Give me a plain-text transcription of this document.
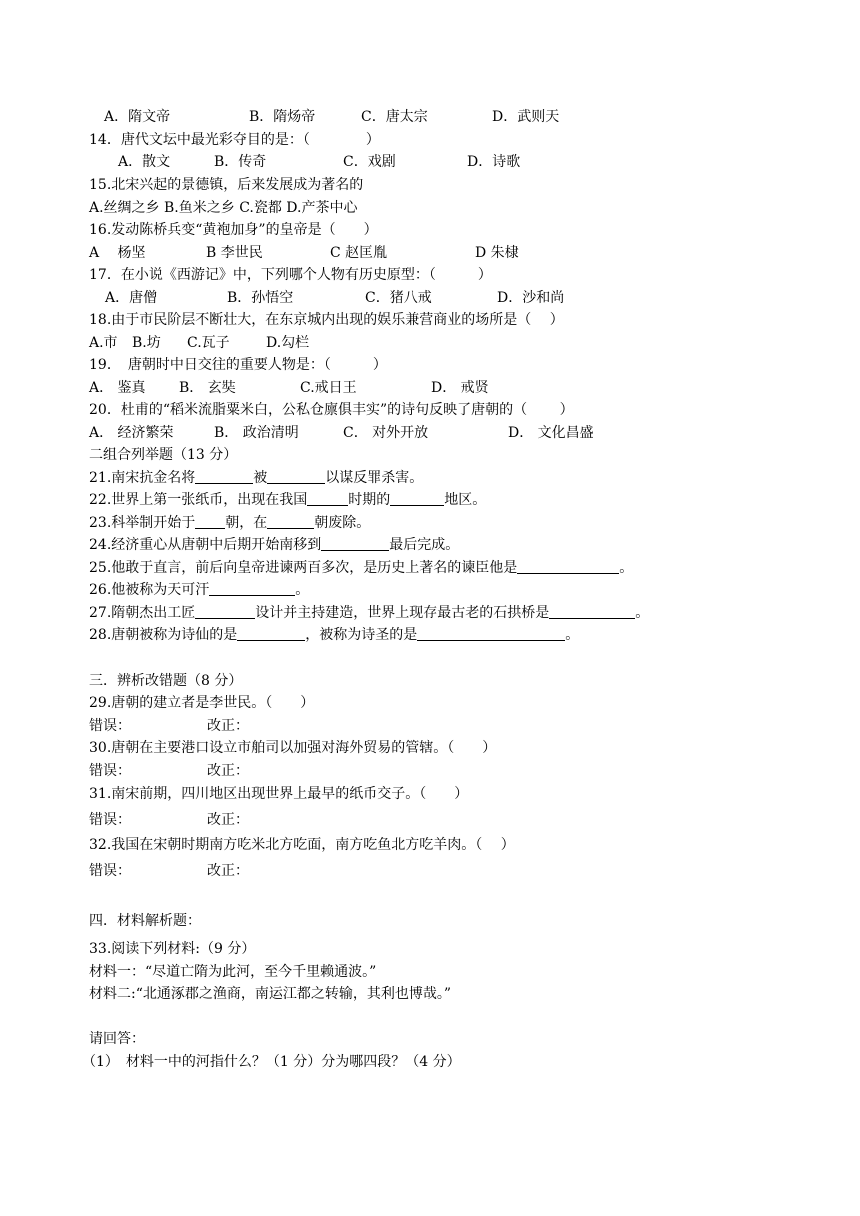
A．隋文帝	B．隋炀帝	C．唐太宗	D．武则天
14．唐代文坛中最光彩夺目的是：（　　　　）
A．散文	B．传奇	C．戏剧	D．诗歌
15.北宋兴起的景德镇，后来发展成为著名的
A.丝绸之乡 B.鱼米之乡 C.瓷都 D.产茶中心
16.发动陈桥兵变“黄袍加身”的皇帝是（　　）
A　 杨坚	B 李世民	C 赵匡胤	D 朱棣
17．在小说《西游记》中，下列哪个人物有历史原型：（　　　）
A．唐僧	B．孙悟空	C．猪八戒	D．沙和尚
18.由于市民阶层不断壮大，在东京城内出现的娱乐兼营商业的场所是（　 ）
A.市 B.坊 C.瓦子	D.勾栏
19．　唐朝时中日交往的重要人物是：（　　　）
A． 鉴真 B． 玄奘	C.戒日王	D． 戒贤
20．杜甫的“稻米流脂粟米白，公私仓廪俱丰实”的诗句反映了唐朝的（　　 ）
A． 经济繁荣	B． 政治清明	C． 对外开放	D． 文化昌盛
二组合列举题（13 分）
21.南宋抗金名将	被	以谋反罪杀害。
22.世界上第一张纸币，出现在我国	时期的	地区。
23.科举制开始于 朝，在	朝废除。
24.经济重心从唐朝中后期开始南移到	最后完成。
25.他敢于直言，前后向皇帝进谏两百多次，是历史上著名的谏臣他是	。
26.他被称为天可汗	。
27.隋朝杰出工匠	设计并主持建造，世界上现存最古老的石拱桥是	。
28.唐朝被称为诗仙的是	，被称为诗圣的是	。
三．辨析改错题（8 分）
29.唐朝的建立者是李世民。（　　）
错误：	改正：
30.唐朝在主要港口设立市舶司以加强对海外贸易的管辖。（　　）
错误：	改正：
31.南宋前期，四川地区出现世界上最早的纸币交子。（　　）
错误：	改正：
32.我国在宋朝时期南方吃米北方吃面，南方吃鱼北方吃羊肉。（　 ）
错误：	改正：
四．材料解析题：
33.阅读下列材料:（9 分）
材料一：“尽道亡隋为此河，至今千里赖通波。”
材料二:“北通涿郡之渔商，南运江都之转输，其利也博哉。”
请回答：
（1）　材料一中的河指什么？（1 分）分为哪四段？（4 分）
